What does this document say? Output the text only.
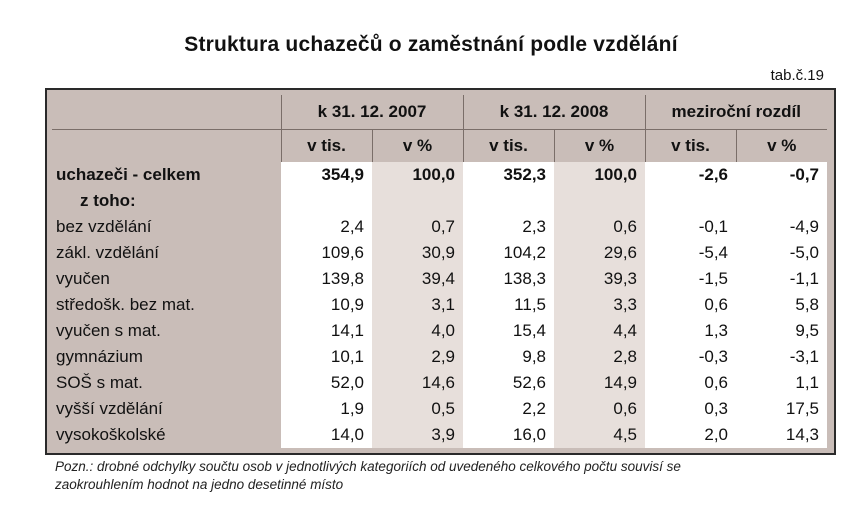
Struktura uchazečů o zaměstnání podle vzdělání
tab.č.19
	k 31. 12. 2007		k 31. 12. 2008		meziroční rozdíl	
	v tis.	v %	v tis.	v %	v tis.	v %
uchazeči - celkem	354,9	100,0	352,3	100,0	-2,6	-0,7
z toho:						
bez vzdělání	2,4	0,7	2,3	0,6	-0,1	-4,9
zákl. vzdělání	109,6	30,9	104,2	29,6	-5,4	-5,0
vyučen	139,8	39,4	138,3	39,3	-1,5	-1,1
středošk. bez mat.	10,9	3,1	11,5	3,3	0,6	5,8
vyučen s mat.	14,1	4,0	15,4	4,4	1,3	9,5
gymnázium	10,1	2,9	9,8	2,8	-0,3	-3,1
SOŠ s mat.	52,0	14,6	52,6	14,9	0,6	1,1
vyšší vzdělání	1,9	0,5	2,2	0,6	0,3	17,5
vysokoškolské	14,0	3,9	16,0	4,5	2,0	14,3
Pozn.: drobné odchylky součtu osob v jednotlivých kategoriích od uvedeného celkového počtu souvisí se
zaokrouhlením hodnot na jedno desetinné místo
